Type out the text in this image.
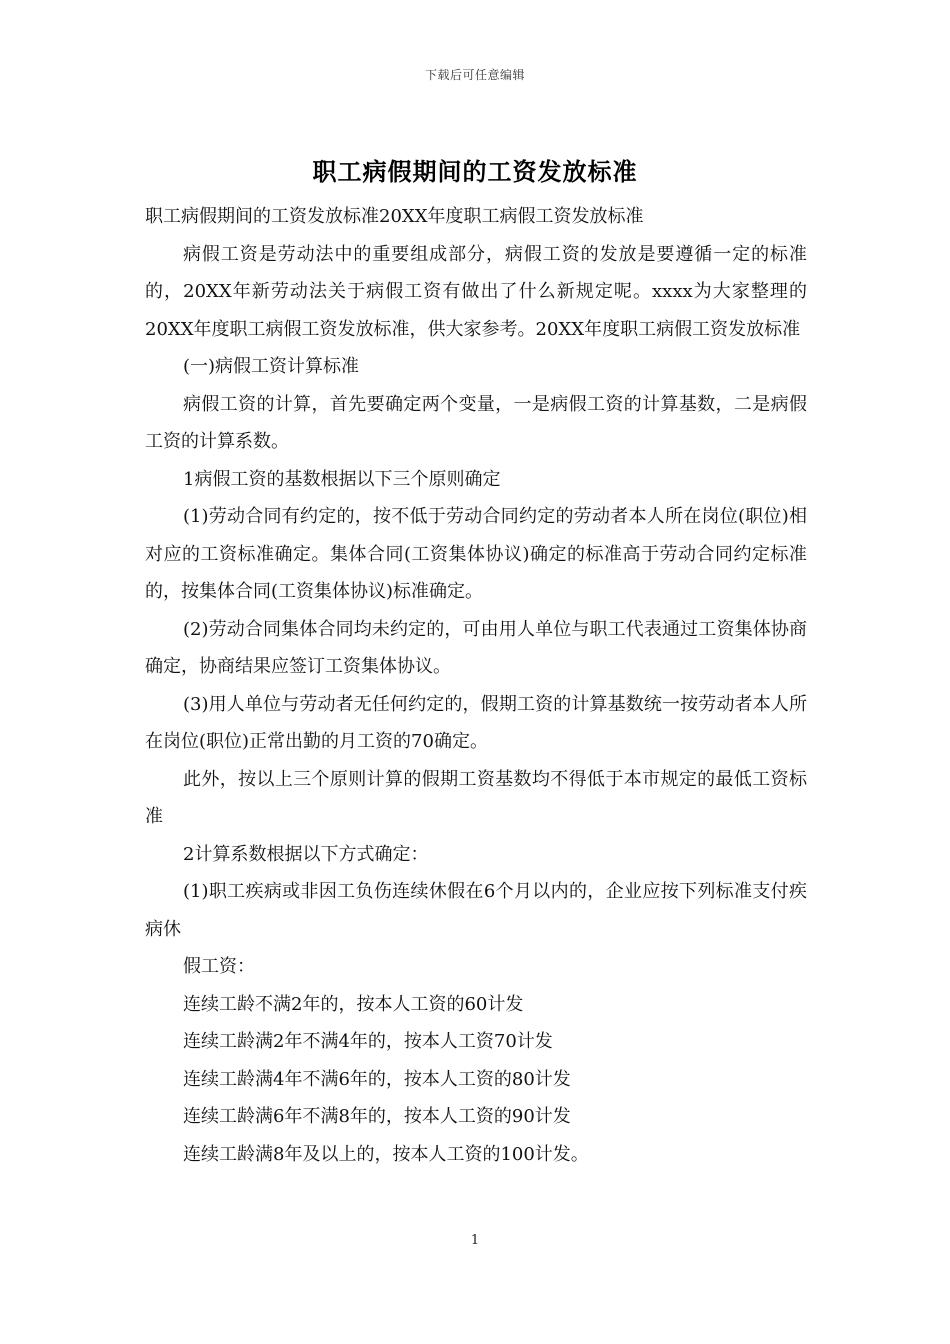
下载后可任意编辑
职工病假期间的工资发放标准

职工病假期间的工资发放标准20XX年度职工病假工资发放标准

病假工资是劳动法中的重要组成部分，病假工资的发放是要遵循一定的标准的，20XX年新劳动法关于病假工资有做出了什么新规定呢。xxxx为大家整理的20XX年度职工病假工资发放标准，供大家参考。20XX年度职工病假工资发放标准

(一)病假工资计算标准

病假工资的计算，首先要确定两个变量，一是病假工资的计算基数，二是病假工资的计算系数。

1病假工资的基数根据以下三个原则确定

(1)劳动合同有约定的，按不低于劳动合同约定的劳动者本人所在岗位(职位)相对应的工资标准确定。集体合同(工资集体协议)确定的标准高于劳动合同约定标准的，按集体合同(工资集体协议)标准确定。

(2)劳动合同集体合同均未约定的，可由用人单位与职工代表通过工资集体协商确定，协商结果应签订工资集体协议。

(3)用人单位与劳动者无任何约定的，假期工资的计算基数统一按劳动者本人所在岗位(职位)正常出勤的月工资的70确定。

此外，按以上三个原则计算的假期工资基数均不得低于本市规定的最低工资标准

2计算系数根据以下方式确定：

(1)职工疾病或非因工负伤连续休假在6个月以内的，企业应按下列标准支付疾病休

假工资：

连续工龄不满2年的，按本人工资的60计发

连续工龄满2年不满4年的，按本人工资70计发

连续工龄满4年不满6年的，按本人工资的80计发

连续工龄满6年不满8年的，按本人工资的90计发

连续工龄满8年及以上的，按本人工资的100计发。

1
